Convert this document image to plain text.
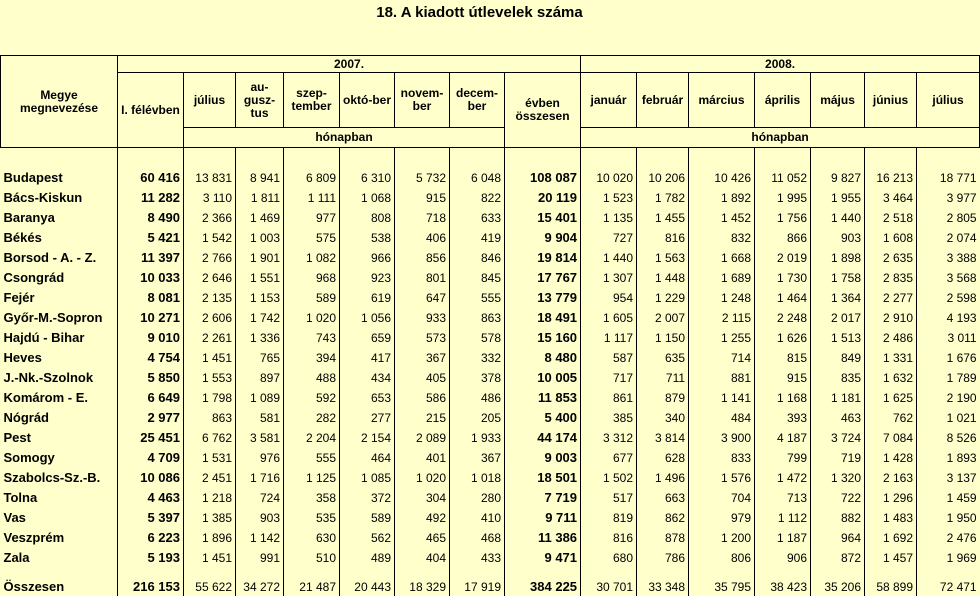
18. A kiadott útlevelek száma
Megye megnevezése	2007.								2008.						
	I. félévben	július	au-gusz-tus	szep-tember	októ-ber	novem-ber	decem-ber	évben összesen	január	február	március	április	május	június	július
		hónapban							hónapban						

Budapest	60 416	13 831	8 941	6 809	6 310	5 732	6 048	108 087	10 020	10 206	10 426	11 052	9 827	16 213	18 771
Bács-Kiskun	11 282	3 110	1 811	1 111	1 068	915	822	20 119	1 523	1 782	1 892	1 995	1 955	3 464	3 977
Baranya	8 490	2 366	1 469	977	808	718	633	15 401	1 135	1 455	1 452	1 756	1 440	2 518	2 805
Békés	5 421	1 542	1 003	575	538	406	419	9 904	727	816	832	866	903	1 608	2 074
Borsod - A. - Z.	11 397	2 766	1 901	1 082	966	856	846	19 814	1 440	1 563	1 668	2 019	1 898	2 635	3 388
Csongrád	10 033	2 646	1 551	968	923	801	845	17 767	1 307	1 448	1 689	1 730	1 758	2 835	3 568
Fejér	8 081	2 135	1 153	589	619	647	555	13 779	954	1 229	1 248	1 464	1 364	2 277	2 598
Győr-M.-Sopron	10 271	2 606	1 742	1 020	1 056	933	863	18 491	1 605	2 007	2 115	2 248	2 017	2 910	4 193
Hajdú - Bihar	9 010	2 261	1 336	743	659	573	578	15 160	1 117	1 150	1 255	1 626	1 513	2 486	3 011
Heves	4 754	1 451	765	394	417	367	332	8 480	587	635	714	815	849	1 331	1 676
J.-Nk.-Szolnok	5 850	1 553	897	488	434	405	378	10 005	717	711	881	915	835	1 632	1 789
Komárom - E.	6 649	1 798	1 089	592	653	586	486	11 853	861	879	1 141	1 168	1 181	1 625	2 190
Nógrád	2 977	863	581	282	277	215	205	5 400	385	340	484	393	463	762	1 021
Pest	25 451	6 762	3 581	2 204	2 154	2 089	1 933	44 174	3 312	3 814	3 900	4 187	3 724	7 084	8 526
Somogy	4 709	1 531	976	555	464	401	367	9 003	677	628	833	799	719	1 428	1 893
Szabolcs-Sz.-B.	10 086	2 451	1 716	1 125	1 085	1 020	1 018	18 501	1 502	1 496	1 576	1 472	1 320	2 163	3 137
Tolna	4 463	1 218	724	358	372	304	280	7 719	517	663	704	713	722	1 296	1 459
Vas	5 397	1 385	903	535	589	492	410	9 711	819	862	979	1 112	882	1 483	1 950
Veszprém	6 223	1 896	1 142	630	562	465	468	11 386	816	878	1 200	1 187	964	1 692	2 476
Zala	5 193	1 451	991	510	489	404	433	9 471	680	786	806	906	872	1 457	1 969
Összesen	216 153	55 622	34 272	21 487	20 443	18 329	17 919	384 225	30 701	33 348	35 795	38 423	35 206	58 899	72 471
